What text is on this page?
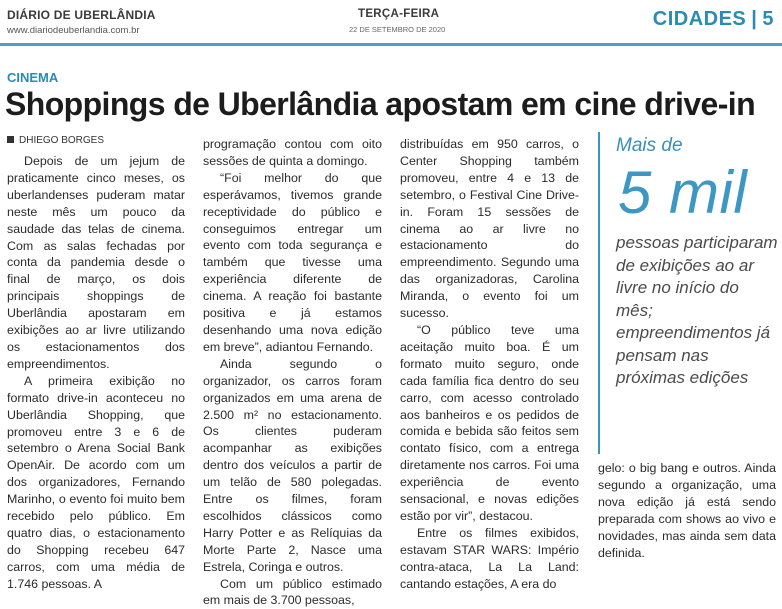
DIÁRIO DE UBERLÂNDIA
www.diariodeuberlandia.com.br
TERÇA-FEIRA
22 DE SETEMBRO DE 2020	CIDADES | 5
CINEMA
Shoppings de Uberlândia apostam em cine drive-in
DHIEGO BORGES

Depois de um jejum de praticamente cinco meses, os uberlandenses puderam matar neste mês um pouco da saudade das telas de cinema. Com as salas fechadas por conta da pandemia desde o final de março, os dois principais shoppings de Uberlândia apostaram em exibições ao ar livre utilizando os estacionamentos dos empreendimentos.

A primeira exibição no formato drive-in aconteceu no Uberlândia Shopping, que promoveu entre 3 e 6 de setembro o Arena Social Bank OpenAir. De acordo com um dos organizadores, Fernando Marinho, o evento foi muito bem recebido pelo público. Em quatro dias, o estacionamento do Shopping recebeu 647 carros, com uma média de 1.746 pessoas. A

programação contou com oito sessões de quinta a domingo.

“Foi melhor do que esperávamos, tivemos grande receptividade do público e conseguimos entregar um evento com toda segurança e também que tivesse uma experiência diferente de cinema. A reação foi bastante positiva e já estamos desenhando uma nova edição em breve”, adiantou Fernando.

Ainda segundo o organizador, os carros foram organizados em uma arena de 2.500 m² no estacionamento. Os clientes puderam acompanhar as exibições dentro dos veículos a partir de um telão de 580 polegadas. Entre os filmes, foram escolhidos clássicos como Harry Potter e as Relíquias da Morte Parte 2, Nasce uma Estrela, Coringa e outros.

Com um público estimado em mais de 3.700 pessoas,

distribuídas em 950 carros, o Center Shopping também promoveu, entre 4 e 13 de setembro, o Festival Cine Drive-in. Foram 15 sessões de cinema ao ar livre no estacionamento do empreendimento. Segundo uma das organizadoras, Carolina Miranda, o evento foi um sucesso.

“O público teve uma aceitação muito boa. É um formato muito seguro, onde cada família fica dentro do seu carro, com acesso controlado aos banheiros e os pedidos de comida e bebida são feitos sem contato físico, com a entrega diretamente nos carros. Foi uma experiência de evento sensacional, e novas edições estão por vir”, destacou.

Entre os filmes exibidos, estavam STAR WARS: Império contra-ataca, La La Land: cantando estações, A era do

Mais de
5 mil
pessoas participaram de exibições ao ar livre no início do mês; empreendimentos já pensam nas próximas edições

gelo: o big bang e outros. Ainda segundo a organização, uma nova edição já está sendo preparada com shows ao vivo e novidades, mas ainda sem data definida.
